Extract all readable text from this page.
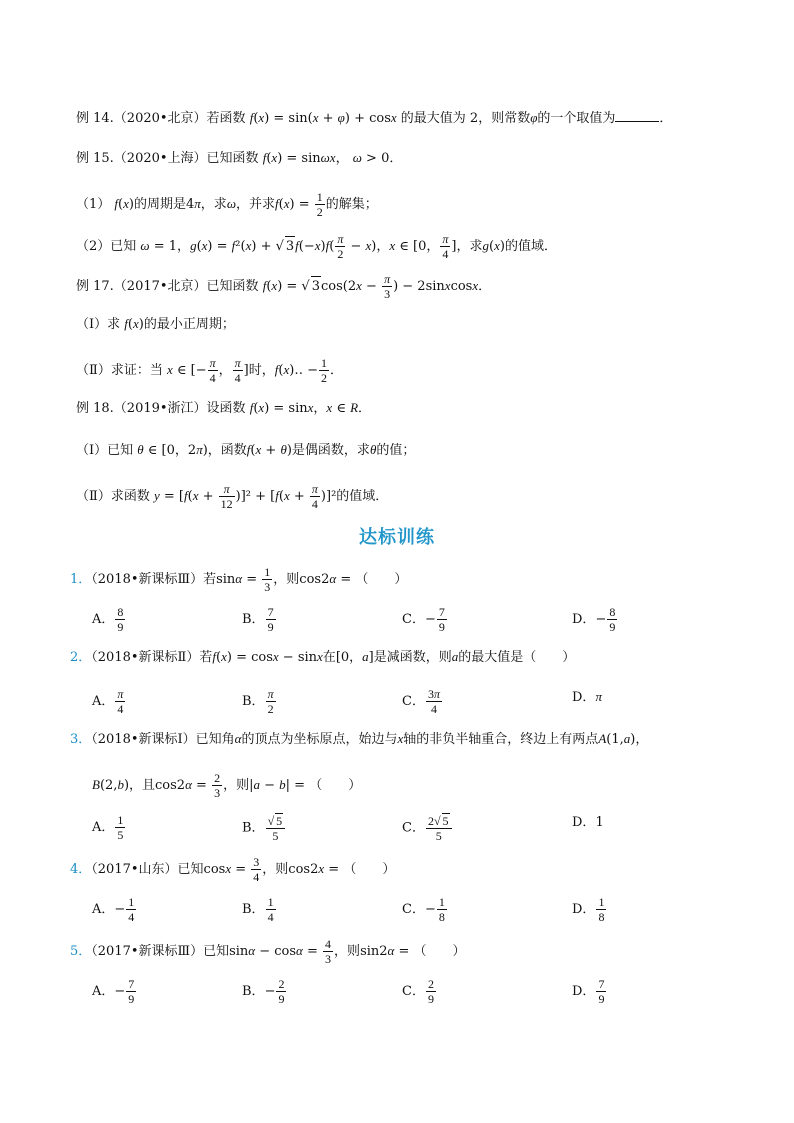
例 14.（2020•北京）若函数 f(x) = sin(x + φ) + cosx 的最大值为 2，则常数φ的一个取值为	．
例 15.（2020•上海）已知函数 f(x) = sinωx， ω > 0．
（1） f(x)的周期是4π，求ω，并求$f(x) = \frac{1}{2}$ 的解集；
（2）已知 ω = 1，g(x) = f²(x) + √ $3f(-x)f( \frac{\pi}{2} - x)$，x ∈ [0， $\frac{\pi}{4}$ ]，求g(x)的值域．
例 17.（2017•北京）已知函数 f(x) = √ $3\cos(2x - \frac{\pi}{3}$ ) − 2sinxcosx．
（Ⅰ）求 f(x)的最小正周期；
（Ⅱ）求证：当 x ∈ [− $\frac{\pi}{4}$ ， $\frac{\pi}{4}$ ]时，f(x)‥ − $\frac{1}{2}$ ．
例 18.（2019•浙江）设函数 f(x) = sinx，x ∈ R．
（Ⅰ）已知 θ ∈ [0，2π)，函数f(x + θ)是偶函数，求θ的值；
（Ⅱ）求函数 $y = [f(x + \frac{\pi}{12} )]^2 + [f(x + \frac{\pi}{4} )]^2$的值域．
达标训练
1．（2018•新课标Ⅲ）若$\sin\alpha = \frac{1}{3}$ ，则cos2α = （　　）
A． $\frac{8}{9}$	B． $\frac{7}{9}$	C．− $\frac{7}{9}$	D．− $\frac{8}{9}$
2．（2018•新课标Ⅱ）若f(x) = cosx − sinx在[0，a]是减函数，则a的最大值是（　　）
A． $\frac{\pi}{4}$	B． $\frac{\pi}{2}$	C． $\frac{3\pi}{4}$	D．π
3．（2018•新课标Ⅰ）已知角α的顶点为坐标原点，始边与x轴的非负半轴重合，终边上有两点A(1,a)，
B(2,b)，且$\cos 2\alpha = \frac{2}{3}$ ，则|a − b| = （　　）
A． $\frac{1}{5}$	B． $\frac{√ 5}{5}$	C． $\frac{2√ 5}{5}$	D．1
4．（2017•山东）已知$\cos x = \frac{3}{4}$ ，则cos2x = （　　）
A．− $\frac{1}{4}$	B． $\frac{1}{4}$	C．− $\frac{1}{8}$	D． $\frac{1}{8}$
5．（2017•新课标Ⅲ）已知$\sin\alpha - \cos\alpha = \frac{4}{3}$ ，则sin2α = （　　）
A．− $\frac{7}{9}$	B．− $\frac{2}{9}$	C． $\frac{2}{9}$	D． $\frac{7}{9}$
